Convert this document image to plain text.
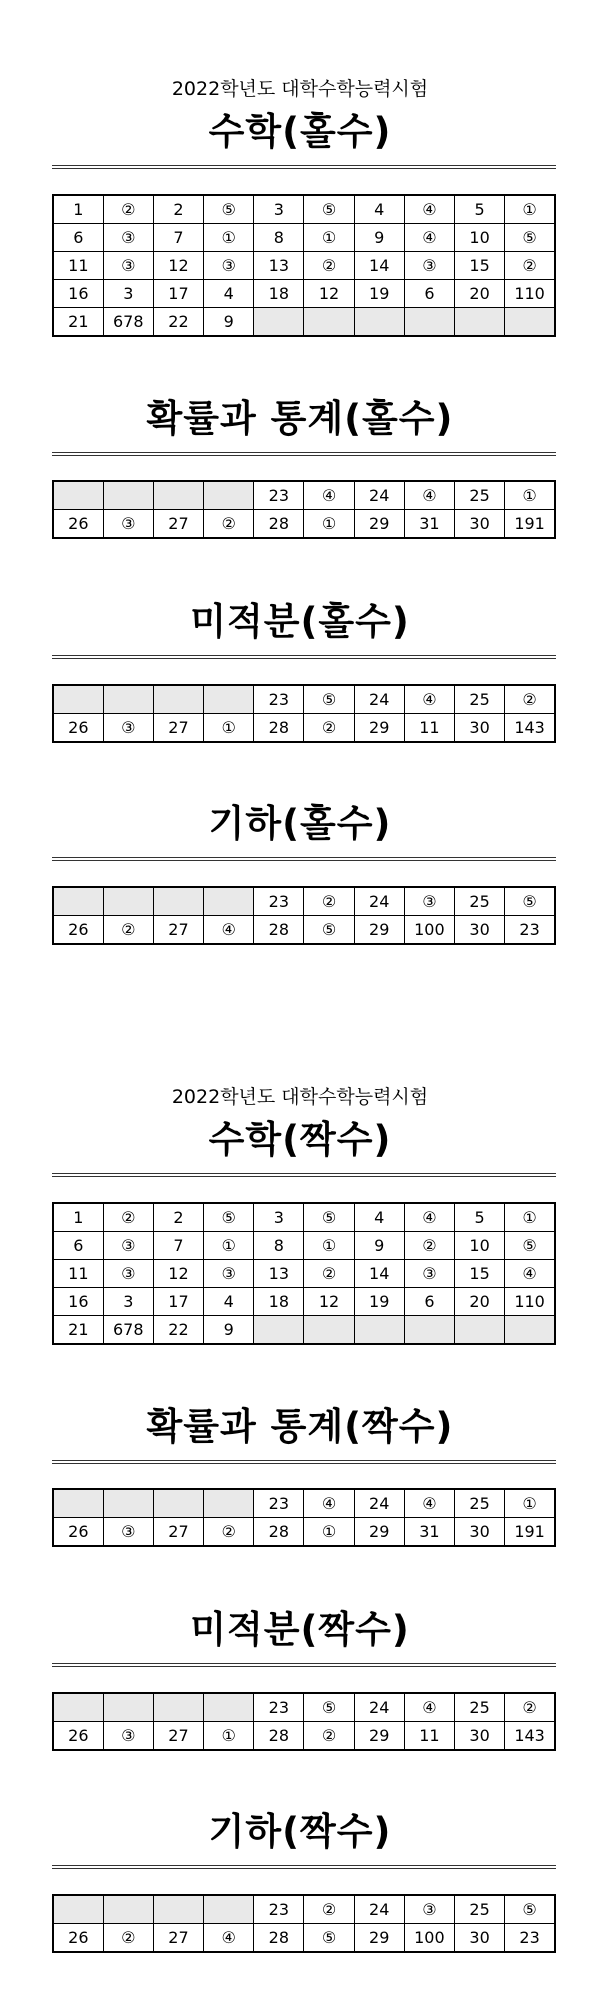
2022학년도 대학수학능력시험
수학(홀수)
1	②	2	⑤	3	⑤	4	④	5	①
6	③	7	①	8	①	9	④	10	⑤
11	③	12	③	13	②	14	③	15	②
16	3	17	4	18	12	19	6	20	110
21	678	22	9						
확률과 통계(홀수)
				23	④	24	④	25	①
26	③	27	②	28	①	29	31	30	191
미적분(홀수)
				23	⑤	24	④	25	②
26	③	27	①	28	②	29	11	30	143
기하(홀수)
				23	②	24	③	25	⑤
26	②	27	④	28	⑤	29	100	30	23
2022학년도 대학수학능력시험
수학(짝수)
1	②	2	⑤	3	⑤	4	④	5	①
6	③	7	①	8	①	9	②	10	⑤
11	③	12	③	13	②	14	③	15	④
16	3	17	4	18	12	19	6	20	110
21	678	22	9						
확률과 통계(짝수)
				23	④	24	④	25	①
26	③	27	②	28	①	29	31	30	191
미적분(짝수)
				23	⑤	24	④	25	②
26	③	27	①	28	②	29	11	30	143
기하(짝수)
				23	②	24	③	25	⑤
26	②	27	④	28	⑤	29	100	30	23
